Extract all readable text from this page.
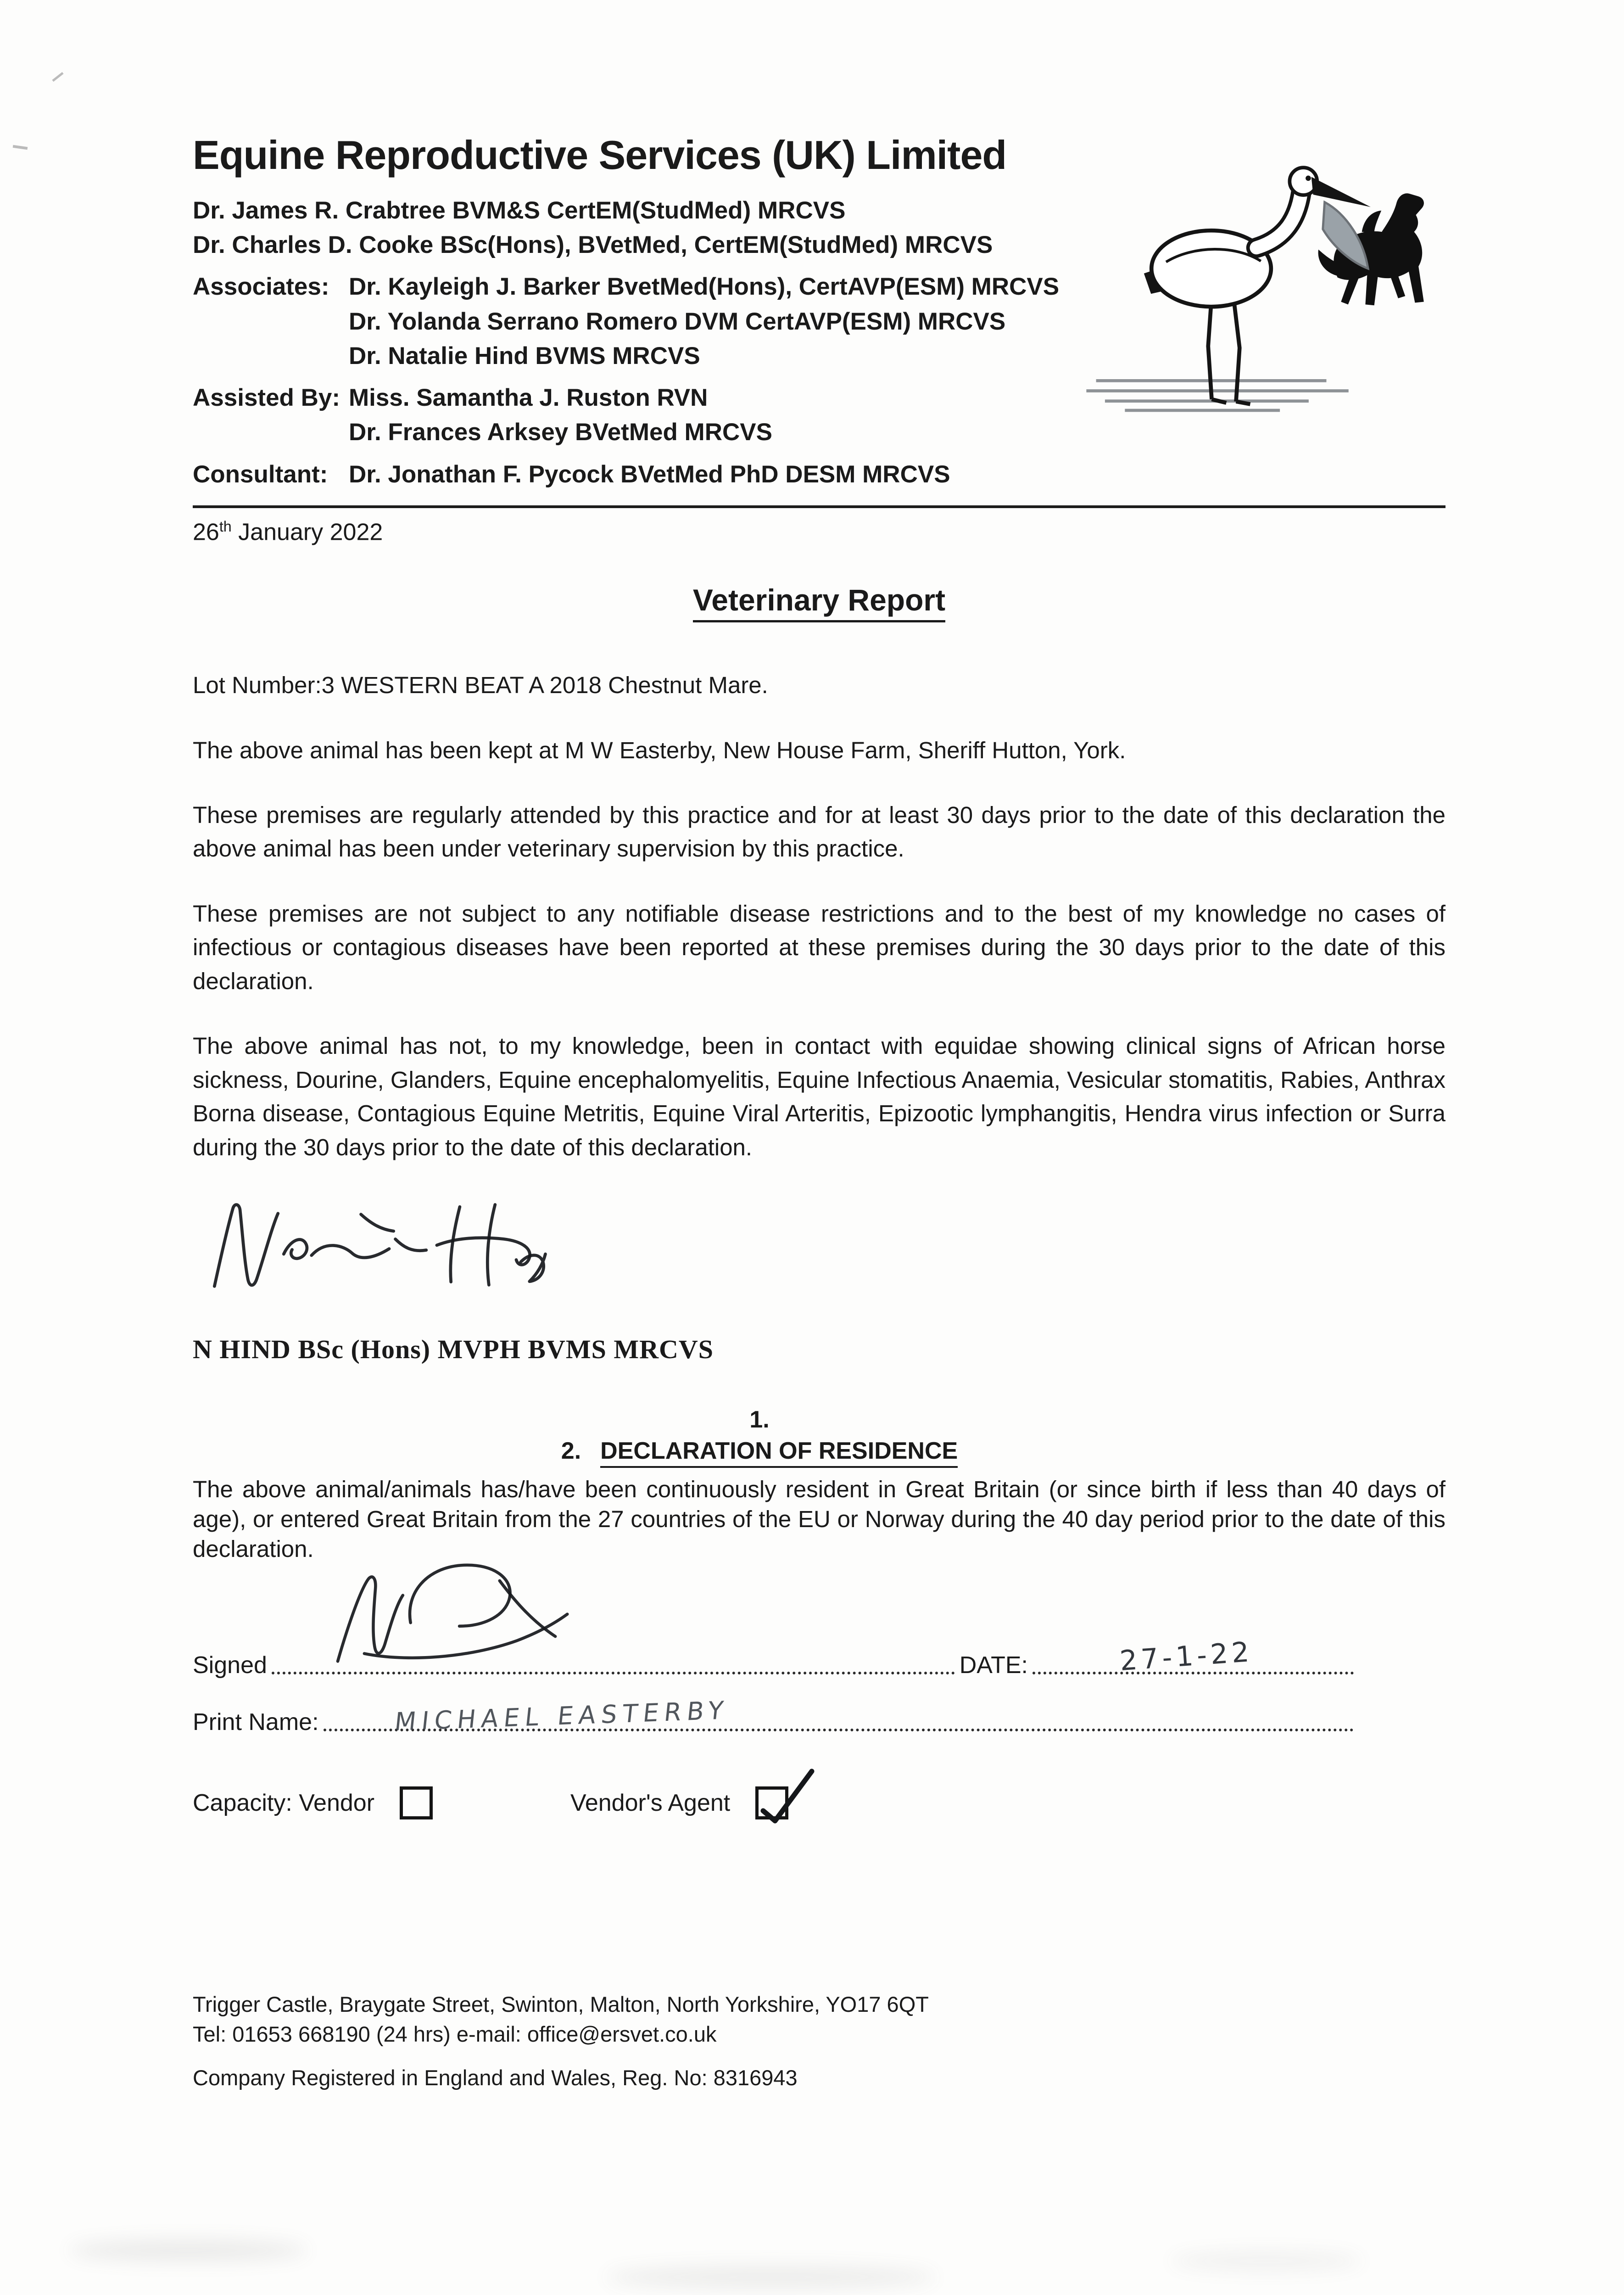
Equine Reproductive Services (UK) Limited
Dr. James R. Crabtree BVM&S CertEM(StudMed) MRCVS
Dr. Charles D. Cooke BSc(Hons), BVetMed, CertEM(StudMed) MRCVS
Associates: Dr. Kayleigh J. Barker BvetMed(Hons), CertAVP(ESM) MRCVS
Dr. Yolanda Serrano Romero DVM CertAVP(ESM) MRCVS
Dr. Natalie Hind BVMS MRCVS
Assisted By: Miss. Samantha J. Ruston RVN
Dr. Frances Arksey BVetMed MRCVS
Consultant: Dr. Jonathan F. Pycock BVetMed PhD DESM MRCVS
26th January 2022
Veterinary Report

Lot Number:3 WESTERN BEAT A 2018 Chestnut Mare.

The above animal has been kept at M W Easterby, New House Farm, Sheriff Hutton, York.

These premises are regularly attended by this practice and for at least 30 days prior to the date of this declaration the above animal has been under veterinary supervision by this practice.

These premises are not subject to any notifiable disease restrictions and to the best of my knowledge no cases of infectious or contagious diseases have been reported at these premises during the 30 days prior to the date of this declaration.

The above animal has not, to my knowledge, been in contact with equidae showing clinical signs of African horse sickness, Dourine, Glanders, Equine encephalomyelitis, Equine Infectious Anaemia, Vesicular stomatitis, Rabies, Anthrax Borna disease, Contagious Equine Metritis, Equine Viral Arteritis, Epizootic lymphangitis, Hendra virus infection or Surra during the 30 days prior to the date of this declaration.

N HIND BSc (Hons) MVPH BVMS MRCVS
1.
2. DECLARATION OF RESIDENCE

The above animal/animals has/have been continuously resident in Great Britain (or since birth if less than 40 days of age), or entered Great Britain from the 27 countries of the EU or Norway during the 40 day period prior to the date of this declaration.

Signed	DATE:	27-1-22
Print Name:	MICHAEL EASTERBY
Capacity: Vendor	Vendor's Agent
Trigger Castle, Braygate Street, Swinton, Malton, North Yorkshire, YO17 6QT
Tel: 01653 668190 (24 hrs) e-mail: office@ersvet.co.uk
Company Registered in England and Wales, Reg. No: 8316943
